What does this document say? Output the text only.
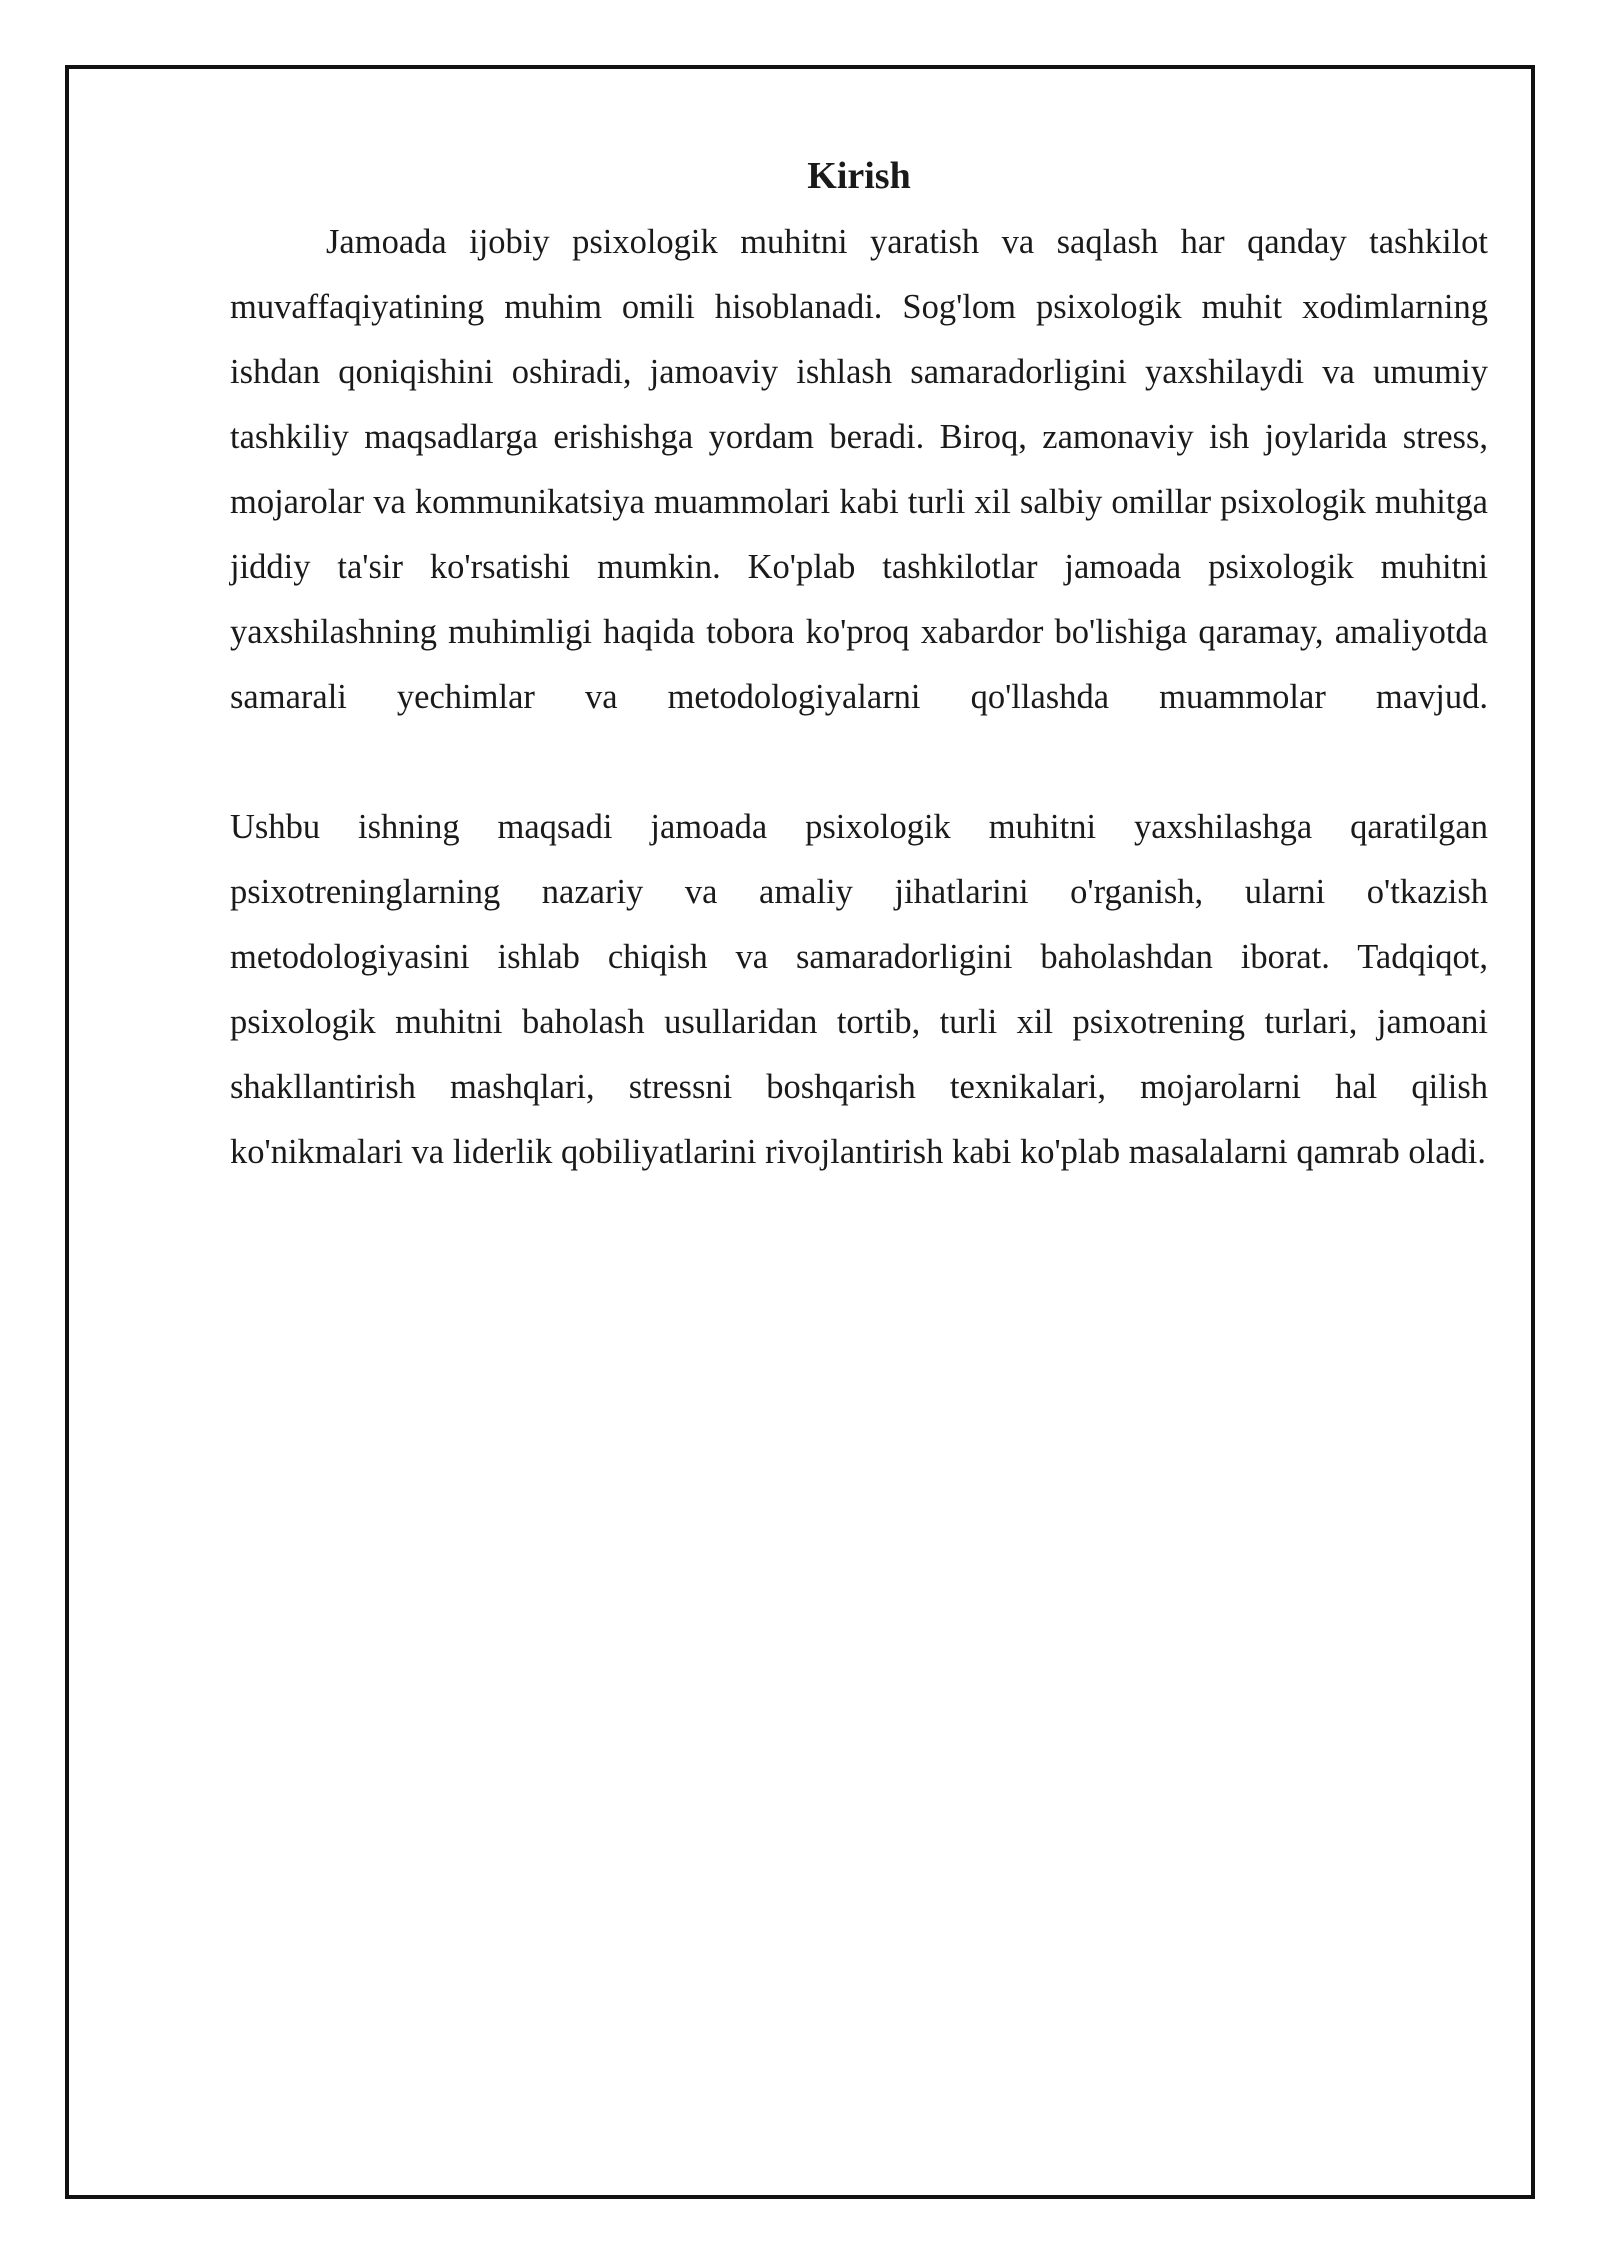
Kirish

Jamoada ijobiy psixologik muhitni yaratish va saqlash har qanday tashkilot muvaffaqiyatining muhim omili hisoblanadi. Sog'lom psixologik muhit xodimlarning ishdan qoniqishini oshiradi, jamoaviy ishlash samaradorligini yaxshilaydi va umumiy tashkiliy maqsadlarga erishishga yordam beradi. Biroq, zamonaviy ish joylarida stress, mojarolar va kommunikatsiya muammolari kabi turli xil salbiy omillar psixologik muhitga jiddiy ta'sir ko'rsatishi mumkin. Ko'plab tashkilotlar jamoada psixologik muhitni yaxshilashning muhimligi haqida tobora ko'proq xabardor bo'lishiga qaramay, amaliyotda samarali yechimlar va metodologiyalarni qo'llashda muammolar mavjud.

Ushbu ishning maqsadi jamoada psixologik muhitni yaxshilashga qaratilgan psixotreninglarning nazariy va amaliy jihatlarini o'rganish, ularni o'tkazish metodologiyasini ishlab chiqish va samaradorligini baholashdan iborat. Tadqiqot, psixologik muhitni baholash usullaridan tortib, turli xil psixotrening turlari, jamoani shakllantirish mashqlari, stressni boshqarish texnikalari, mojarolarni hal qilish ko'nikmalari va liderlik qobiliyatlarini rivojlantirish kabi ko'plab masalalarni qamrab oladi.
